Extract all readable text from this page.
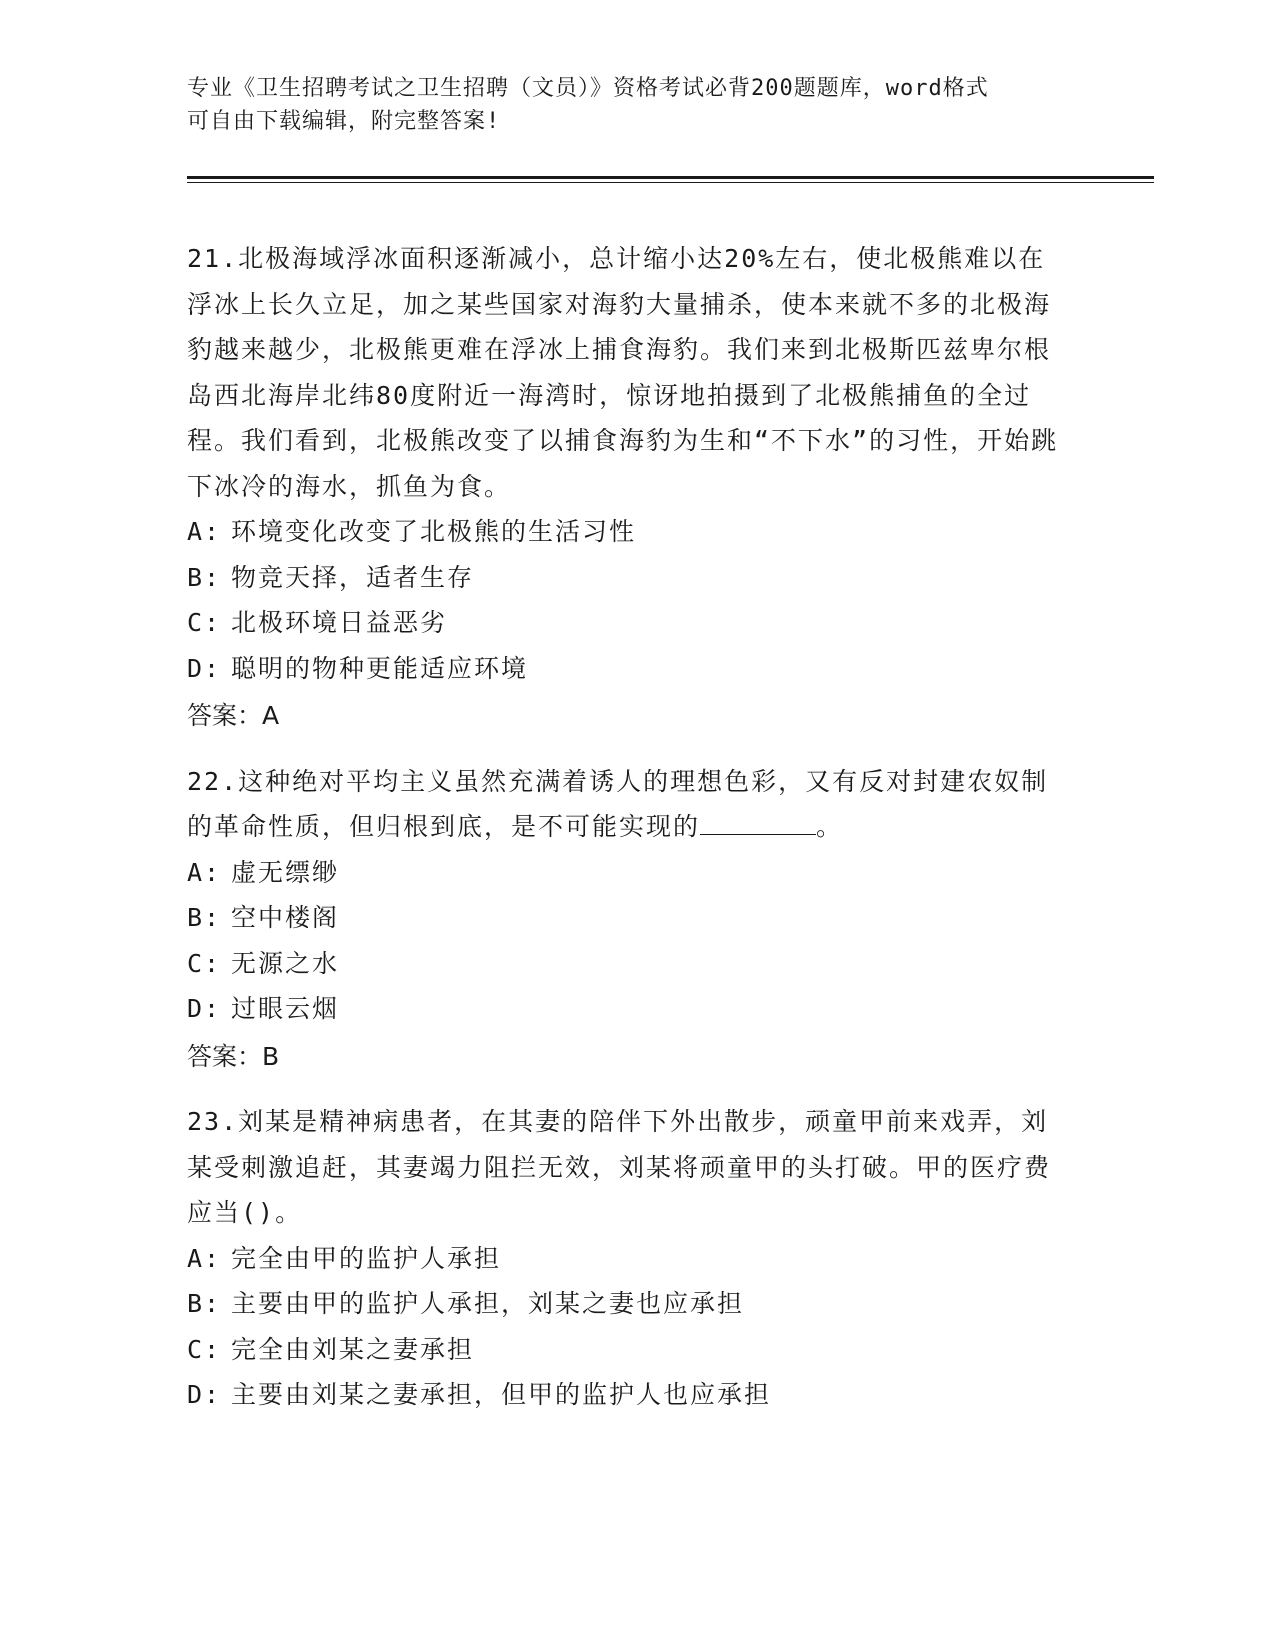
专业《卫生招聘考试之卫生招聘（文员）》资格考试必背200题题库，word格式
可自由下载编辑，附完整答案!

21.北极海域浮冰面积逐渐减小，总计缩小达20%左右，使北极熊难以在浮冰上长久立足，加之某些国家对海豹大量捕杀，使本来就不多的北极海豹越来越少，北极熊更难在浮冰上捕食海豹。我们来到北极斯匹兹卑尔根岛西北海岸北纬80度附近一海湾时，惊讶地拍摄到了北极熊捕鱼的全过程。我们看到，北极熊改变了以捕食海豹为生和“不下水”的习性，开始跳下冰冷的海水，抓鱼为食。

A: 环境变化改变了北极熊的生活习性

B: 物竞天择，适者生存

C: 北极环境日益恶劣

D: 聪明的物种更能适应环境

答案：A

22.这种绝对平均主义虽然充满着诱人的理想色彩，又有反对封建农奴制的革命性质，但归根到底，是不可能实现的	。

A: 虚无缥缈

B: 空中楼阁

C: 无源之水

D: 过眼云烟

答案：B

23.刘某是精神病患者，在其妻的陪伴下外出散步，顽童甲前来戏弄，刘某受刺激追赶，其妻竭力阻拦无效，刘某将顽童甲的头打破。甲的医疗费应当()。

A: 完全由甲的监护人承担

B: 主要由甲的监护人承担，刘某之妻也应承担

C: 完全由刘某之妻承担

D: 主要由刘某之妻承担，但甲的监护人也应承担
